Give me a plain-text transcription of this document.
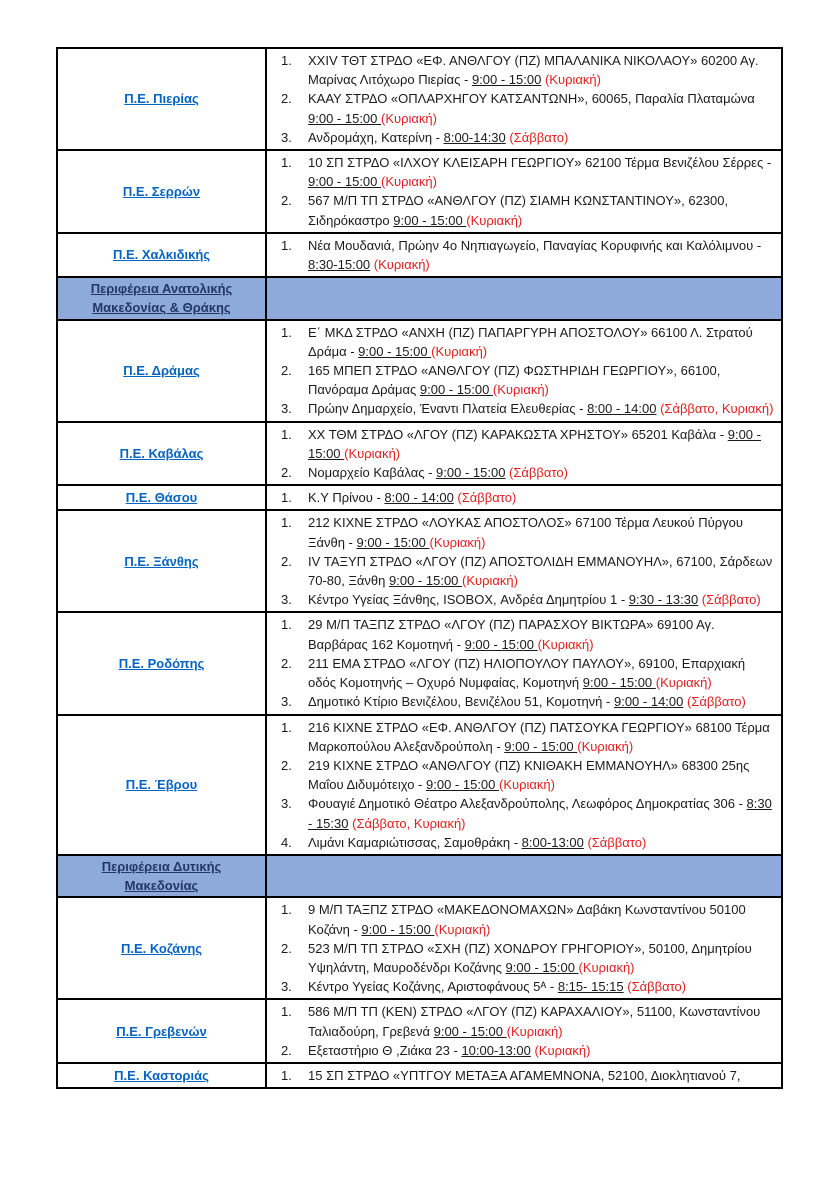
Π.Ε. Πιερίας
1.	XXIV ΤΘΤ ΣΤΡΔΟ «ΕΦ. ΑΝΘΛΓΟΥ (ΠΖ) ΜΠΑΛΑΝΙΚΑ ΝΙΚΟΛΑΟΥ» 60200 Αγ. Μαρίνας Λιτόχωρο Πιερίας - 9:00 - 15:00 (Κυριακή)
2.	ΚΑΑΥ ΣΤΡΔΟ «ΟΠΛΑΡΧΗΓΟΥ ΚΑΤΣΑΝΤΩΝΗ», 60065, Παραλία Πλαταμώνα 9:00 - 15:00 (Κυριακή)
3.	Ανδρομάχη, Κατερίνη - 8:00-14:30 (Σάββατο)
Π.Ε. Σερρών
1.	10 ΣΠ ΣΤΡΔΟ «ΙΛΧΟΥ ΚΛΕΙΣΑΡΗ ΓΕΩΡΓΙΟΥ» 62100 Τέρμα Βενιζέλου Σέρρες - 9:00 - 15:00 (Κυριακή)
2.	567 Μ/Π ΤΠ ΣΤΡΔΟ «ΑΝΘΛΓΟΥ (ΠΖ) ΣΙΑΜΗ ΚΩΝΣΤΑΝΤΙΝΟΥ», 62300, Σιδηρόκαστρο 9:00 - 15:00 (Κυριακή)
Π.Ε. Χαλκιδικής
1.	Νέα Μουδανιά, Πρώην 4ο Νηπιαγωγείο, Παναγίας Κορυφινής και Καλόλιμνου - 8:30-15:00 (Κυριακή)
Περιφέρεια Ανατολικής Μακεδονίας & Θράκης
Π.Ε. Δράμας
1.	Ε΄ ΜΚΔ ΣΤΡΔΟ «ΑΝΧΗ (ΠΖ) ΠΑΠΑΡΓΥΡΗ ΑΠΟΣΤΟΛΟΥ» 66100 Λ. Στρατού Δράμα - 9:00 - 15:00 (Κυριακή)
2.	165 ΜΠΕΠ ΣΤΡΔΟ «ΑΝΘΛΓΟΥ (ΠΖ) ΦΩΣΤΗΡΙΔΗ ΓΕΩΡΓΙΟΥ», 66100, Πανόραμα Δράμας 9:00 - 15:00 (Κυριακή)
3.	Πρώην Δημαρχείο, Έναντι Πλατεία Ελευθερίας - 8:00 - 14:00 (Σάββατο, Κυριακή)
Π.Ε. Καβάλας
1.	ΧΧ ΤΘΜ ΣΤΡΔΟ «ΛΓΟΥ (ΠΖ) ΚΑΡΑΚΩΣΤΑ ΧΡΗΣΤΟΥ» 65201 Καβάλα - 9:00 - 15:00 (Κυριακή)
2.	Νομαρχείο Καβάλας - 9:00 - 15:00 (Σάββατο)
Π.Ε. Θάσου	1.	Κ.Υ Πρίνου - 8:00 - 14:00 (Σάββατο)
Π.Ε. Ξάνθης
1.	212 ΚΙΧΝΕ ΣΤΡΔΟ «ΛΟΥΚΑΣ ΑΠΟΣΤΟΛΟΣ» 67100 Τέρμα Λευκού Πύργου Ξάνθη - 9:00 - 15:00 (Κυριακή)
2.	IV ΤΑΞΥΠ ΣΤΡΔΟ «ΛΓΟΥ (ΠΖ) ΑΠΟΣΤΟΛΙΔΗ ΕΜΜΑΝΟΥΗΛ», 67100, Σάρδεων 70-80, Ξάνθη 9:00 - 15:00 (Κυριακή)
3.	Κέντρο Υγείας Ξάνθης, ISOBOX, Ανδρέα Δημητρίου 1 - 9:30 - 13:30 (Σάββατο)
Π.Ε. Ροδόπης
1.	29 Μ/Π ΤΑΞΠΖ ΣΤΡΔΟ «ΛΓΟΥ (ΠΖ) ΠΑΡΑΣΧΟΥ ΒΙΚΤΩΡΑ» 69100 Αγ. Βαρβάρας 162 Κομοτηνή - 9:00 - 15:00 (Κυριακή)
2.	211 ΕΜΑ ΣΤΡΔΟ «ΛΓΟΥ (ΠΖ) ΗΛΙΟΠΟΥΛΟΥ ΠΑΥΛΟΥ», 69100, Επαρχιακή οδός Κομοτηνής – Οχυρό Νυμφαίας, Κομοτηνή 9:00 - 15:00 (Κυριακή)
3.	Δημοτικό Κτίριο Βενιζέλου, Βενιζέλου 51, Κομοτηνή - 9:00 - 14:00 (Σάββατο)
Π.Ε. Έβρου
1.	216 ΚΙΧΝΕ ΣΤΡΔΟ «ΕΦ. ΑΝΘΛΓΟΥ (ΠΖ) ΠΑΤΣΟΥΚΑ ΓΕΩΡΓΙΟΥ» 68100 Τέρμα Μαρκοπούλου Αλεξανδρούπολη - 9:00 - 15:00 (Κυριακή)
2.	219 ΚΙΧΝΕ ΣΤΡΔΟ «ΑΝΘΛΓΟΥ (ΠΖ) ΚΝΙΘΑΚΗ ΕΜΜΑΝΟΥΗΛ» 68300 25ης Μαΐου Διδυμότειχο - 9:00 - 15:00 (Κυριακή)
3.	Φουαγιέ Δημοτικό Θέατρο Αλεξανδρούπολης, Λεωφόρος Δημοκρατίας 306 - 8:30 - 15:30 (Σάββατο, Κυριακή)
4.	Λιμάνι Καμαριώτισσας, Σαμοθράκη - 8:00-13:00 (Σάββατο)
Περιφέρεια Δυτικής Μακεδονίας
Π.Ε. Κοζάνης
1.	9 Μ/Π ΤΑΞΠΖ ΣΤΡΔΟ «ΜΑΚΕΔΟΝΟΜΑΧΩΝ» Δαβάκη Κωνσταντίνου 50100 Κοζάνη - 9:00 - 15:00 (Κυριακή)
2.	523 Μ/Π ΤΠ ΣΤΡΔΟ «ΣΧΗ (ΠΖ) ΧΟΝΔΡΟΥ ΓΡΗΓΟΡΙΟΥ», 50100, Δημητρίου Υψηλάντη, Μαυροδένδρι Κοζάνης 9:00 - 15:00 (Κυριακή)
3.	Κέντρο Υγείας Κοζάνης, Αριστοφάνους 5ᴬ - 8:15- 15:15 (Σάββατο)
Π.Ε. Γρεβενών
1.	586 Μ/Π ΤΠ (ΚΕΝ) ΣΤΡΔΟ «ΛΓΟΥ (ΠΖ) ΚΑΡΑΧΑΛΙΟΥ», 51100, Κωνσταντίνου Ταλιαδούρη, Γρεβενά 9:00 - 15:00 (Κυριακή)
2.	Εξεταστήριο Θ ,Ζιάκα 23 - 10:00-13:00 (Κυριακή)
Π.Ε. Καστοριάς	1.	15 ΣΠ ΣΤΡΔΟ «ΥΠΤΓΟΥ ΜΕΤΑΞΑ ΑΓΑΜΕΜΝΟΝΑ, 52100, Διοκλητιανού 7,
